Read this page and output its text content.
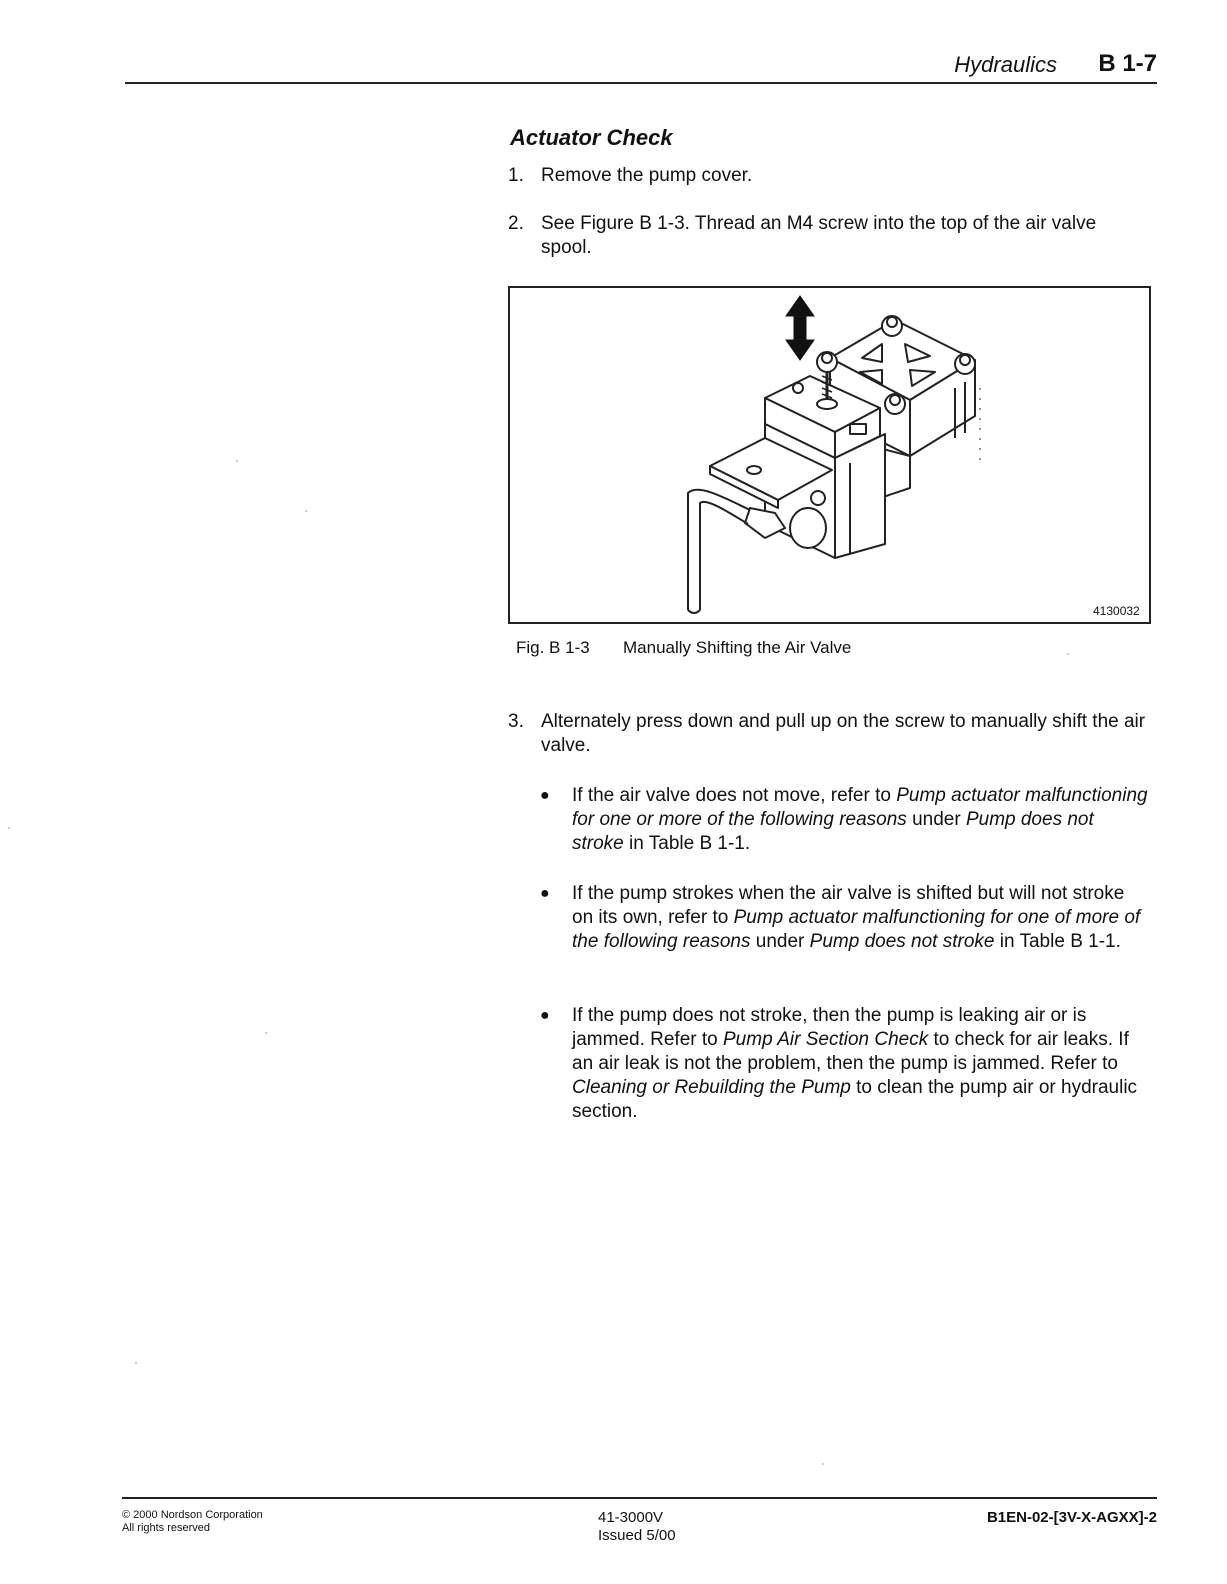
Hydraulics B 1-7
Actuator Check
1. Remove the pump cover.
2. See Figure B 1-3. Thread an M4 screw into the top of the air valve spool.
4130032
Fig. B 1-3 Manually Shifting the Air Valve
3. Alternately press down and pull up on the screw to manually shift the air valve.
● If the air valve does not move, refer to Pump actuator malfunctioning for one or more of the following reasons under Pump does not stroke in Table B 1-1.
● If the pump strokes when the air valve is shifted but will not stroke on its own, refer to Pump actuator malfunctioning for one of more of the following reasons under Pump does not stroke in Table B 1-1.
● If the pump does not stroke, then the pump is leaking air or is jammed. Refer to Pump Air Section Check to check for air leaks. If an air leak is not the problem, then the pump is jammed. Refer to Cleaning or Rebuilding the Pump to clean the pump air or hydraulic section.
© 2000 Nordson Corporation
All rights reserved
41-3000V
Issued 5/00
B1EN-02-[3V-X-AGXX]-2
